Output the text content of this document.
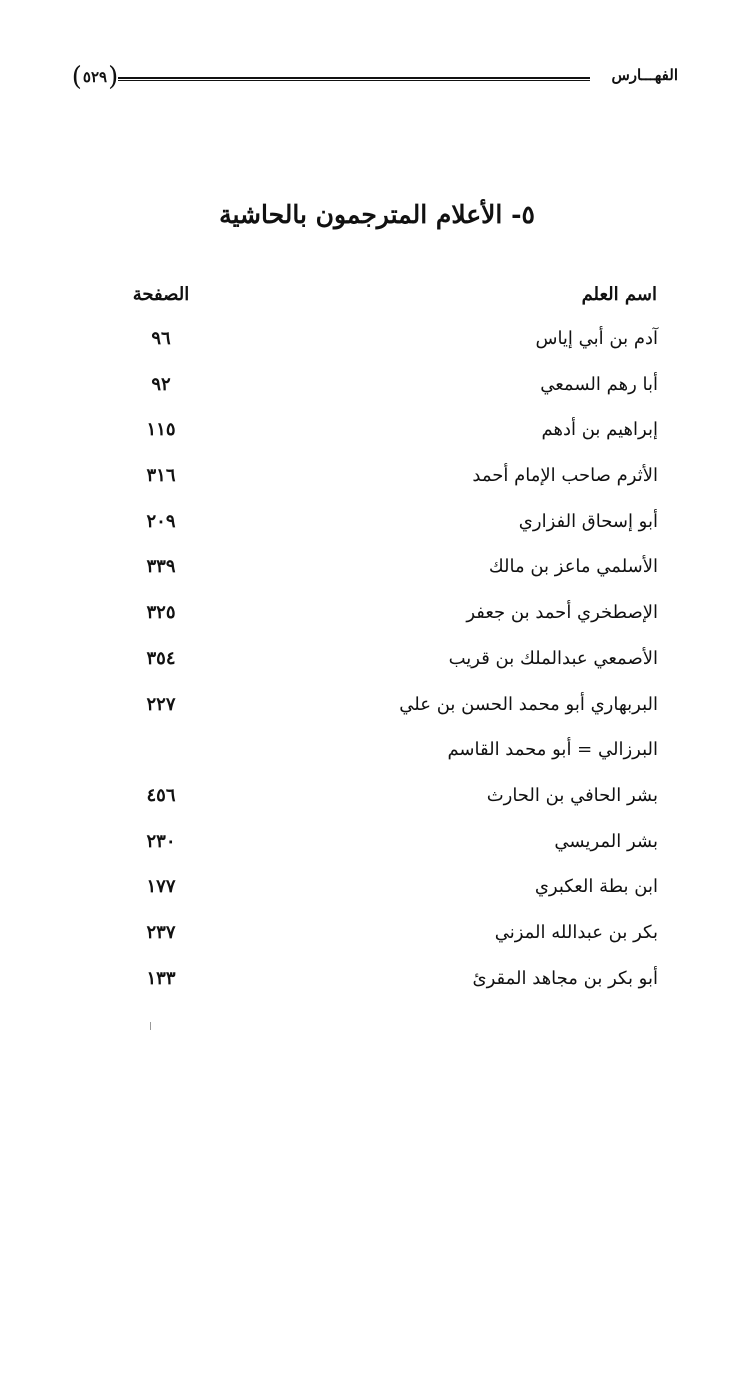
( ٥٢٩ )	الفهـــارس
٥- الأعلام المترجمون بالحاشية
اسم العلم
الصفحة
آدم بن أبي إياس
٩٦
أبا رهم السمعي
٩٢
إبراهيم بن أدهم
١١٥
الأثرم صاحب الإمام أحمد
٣١٦
أبو إسحاق الفزاري
٢٠٩
الأسلمي ماعز بن مالك
٣٣٩
الإصطخري أحمد بن جعفر
٣٢٥
الأصمعي عبدالملك بن قريب
٣٥٤
البربهاري أبو محمد الحسن بن علي
٢٢٧
البرزالي = أبو محمد القاسم
بشر الحافي بن الحارث
٤٥٦
بشر المريسي
٢٣٠
ابن بطة العكبري
١٧٧
بكر بن عبدالله المزني
٢٣٧
أبو بكر بن مجاهد المقرئ
١٣٣
